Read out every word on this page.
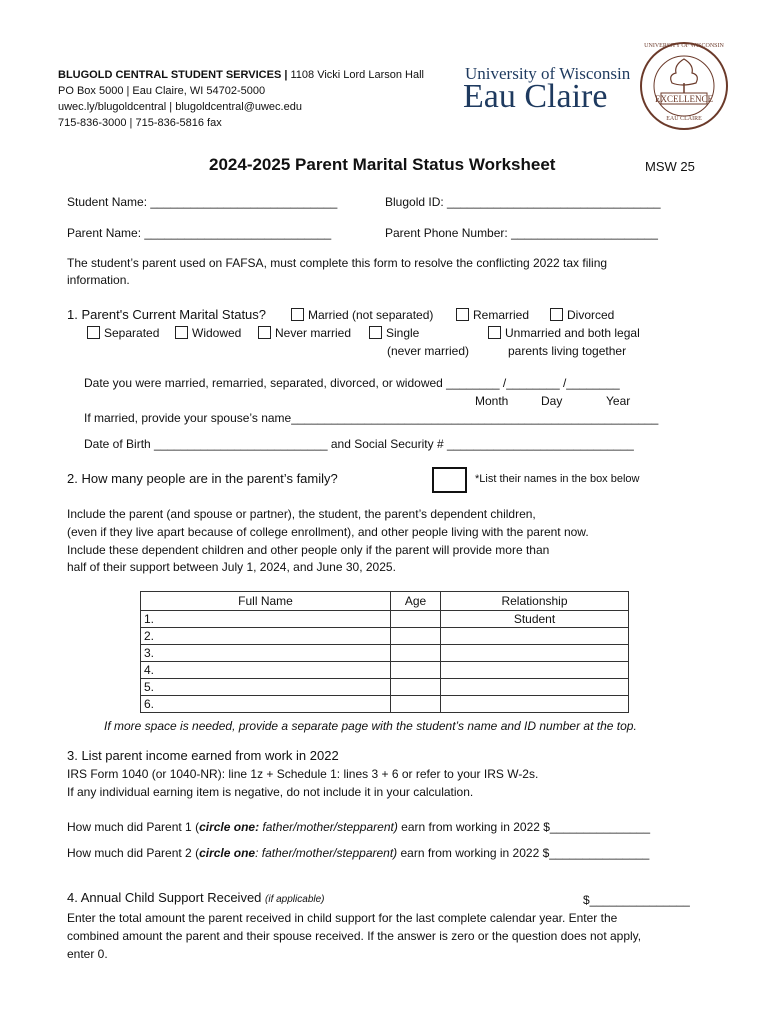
BLUGOLD CENTRAL STUDENT SERVICES | 1108 Vicki Lord Larson Hall
PO Box 5000 | Eau Claire, WI 54702-5000
uwec.ly/blugoldcentral | blugoldcentral@uwec.edu
715-836-3000 | 715-836-5816 fax
University of Wisconsin
Eau Claire
UNIVERSITY OF WISCONSIN
EXCELLENCE
EAU CLAIRE
2024-2025 Parent Marital Status Worksheet	MSW 25
Student Name: ____________________________	Blugold ID: ________________________________
Parent Name: ____________________________	Parent Phone Number: ______________________
The student’s parent used on FAFSA, must complete this form to resolve the conflicting 2022 tax filing
information.
1. Parent's Current Marital Status?	Married (not separated)	Remarried	Divorced
Separated	Widowed	Never married	Single
(never married)
Unmarried and both legal
parents living together
Date you were married, remarried, separated, divorced, or widowed ________ /________ /________
Month	Day	Year
If married, provide your spouse’s name_______________________________________________________
Date of Birth __________________________ and Social Security # ____________________________
2. How many people are in the parent’s family?	*List their names in the box below
Include the parent (and spouse or partner), the student, the parent’s dependent children,
(even if they live apart because of college enrollment), and other people living with the parent now.
Include these dependent children and other people only if the parent will provide more than
half of their support between July 1, 2024, and June 30, 2025.
Full Name	Age	Relationship
1.		Student
2.		
3.		
4.		
5.		
6.		
If more space is needed, provide a separate page with the student’s name and ID number at the top.
3. List parent income earned from work in 2022
IRS Form 1040 (or 1040-NR): line 1z + Schedule 1: lines 3 + 6 or refer to your IRS W-2s.
If any individual earning item is negative, do not include it in your calculation.
How much did Parent 1 (circle one: father/mother/stepparent) earn from working in 2022 $_______________
How much did Parent 2 (circle one: father/mother/stepparent) earn from working in 2022 $_______________
4. Annual Child Support Received (if applicable)	$_______________
Enter the total amount the parent received in child support for the last complete calendar year. Enter the
combined amount the parent and their spouse received. If the answer is zero or the question does not apply,
enter 0.
